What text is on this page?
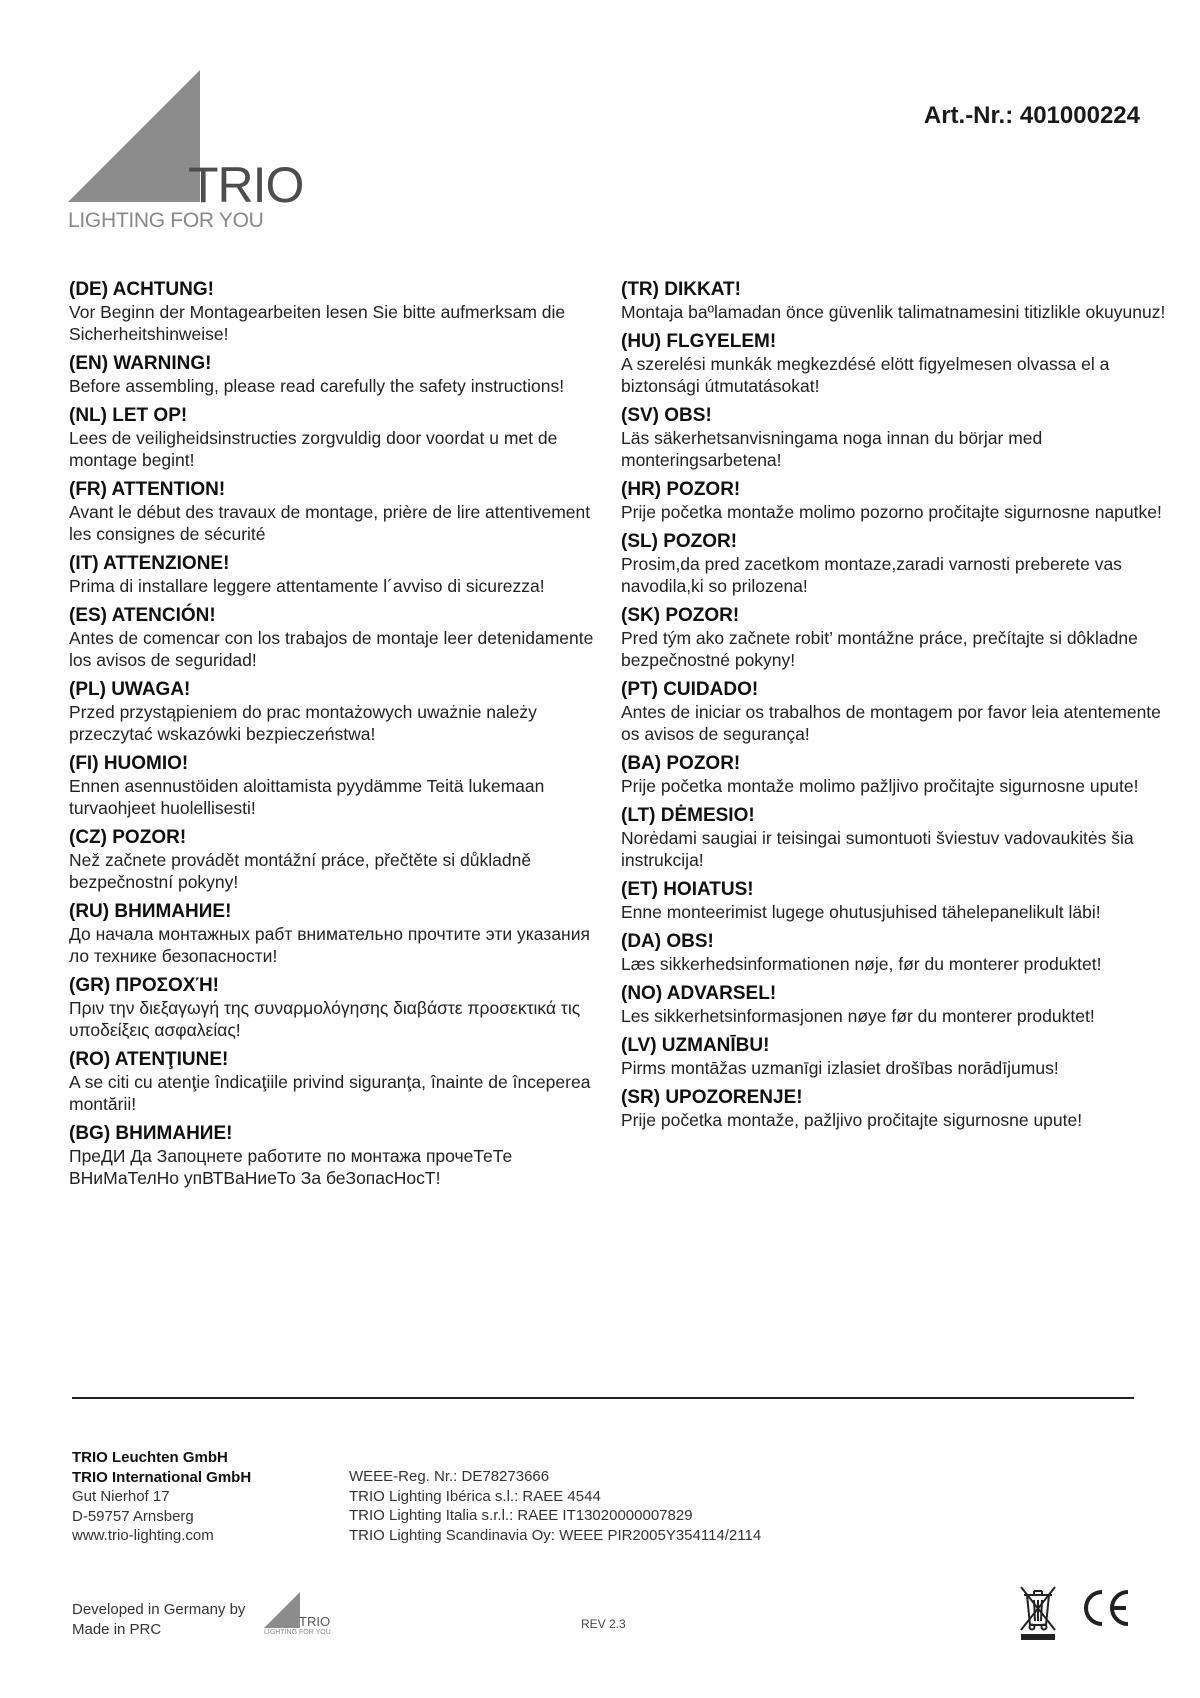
TRIO
LIGHTING FOR YOU
Art.-Nr.: 401000224
(DE) ACHTUNG!
Vor Beginn der Montagearbeiten lesen Sie bitte aufmerksam die Sicherheitshinweise!
(EN) WARNING!
Before assembling, please read carefully the safety instructions!
(NL) LET OP!
Lees de veiligheidsinstructies zorgvuldig door voordat u met de montage begint!
(FR) ATTENTION!
Avant le début des travaux de montage, prière de lire attentivement les consignes de sécurité
(IT) ATTENZIONE!
Prima di installare leggere attentamente l´avviso di sicurezza!
(ES) ATENCIÓN!
Antes de comencar con los trabajos de montaje leer detenidamente los avisos de seguridad!
(PL) UWAGA!
Przed przystąpieniem do prac montażowych uważnie należy przeczytać wskazówki bezpieczeństwa!
(FI) HUOMIO!
Ennen asennustöiden aloittamista pyydämme Teitä lukemaan turvaohjeet huolellisesti!
(CZ) POZOR!
Než začnete provádět montážní práce, přečtěte si důkladně bezpečnostní pokyny!
(RU) ВНИМАНИЕ!
До начала монтажных рабт внимательно прочтите эти указания ло технике безопасности!
(GR) ΠΡΟΣΟΧΉ!
Πριν την διεξαγωγή της συναρμολόγησης διαβάστε προσεκτικά τις υποδείξεις ασφαλείας!
(RO) ATENŢIUNE!
A se citi cu atenţie îndicaţiile privind siguranţa, înainte de începerea montării!
(BG) ВНИМАНИЕ!
ПреДИ Да Запоцнете работите по монтажа прочеТеТе ВНиМаТелНо упВТВаНиеТо За беЗопасНосТ!
(TR) DIKKAT!
Montaja baºlamadan önce güvenlik talimatnamesini titizlikle okuyunuz!
(HU) FLGYELEM!
A szerelési munkák megkezdésé elött figyelmesen olvassa el a biztonsági útmutatásokat!
(SV) OBS!
Läs säkerhetsanvisningama noga innan du börjar med monteringsarbetena!
(HR) POZOR!
Prije početka montaže molimo pozorno pročitajte sigurnosne naputke!
(SL) POZOR!
Prosim,da pred zacetkom montaze,zaradi varnosti preberete vas navodila,ki so prilozena!
(SK) POZOR!
Pred tým ako začnete robit’ montážne práce, prečítajte si dôkladne bezpečnostné pokyny!
(PT) CUIDADO!
Antes de iniciar os trabalhos de montagem por favor leia atentemente os avisos de segurança!
(BA) POZOR!
Prije početka montaže molimo pažljivo pročitajte sigurnosne upute!
(LT) DĖMESIO!
Norėdami saugiai ir teisingai sumontuoti šviestuv vadovaukitės šia instrukcija!
(ET) HOIATUS!
Enne monteerimist lugege ohutusjuhised tähelepanelikult läbi!
(DA) OBS!
Læs sikkerhedsinformationen nøje, før du monterer produktet!
(NO) ADVARSEL!
Les sikkerhetsinformasjonen nøye før du monterer produktet!
(LV) UZMANĪBU!
Pirms montāžas uzmanīgi izlasiet drošības norādījumus!
(SR) UPOZORENJE!
Prije početka montaže, pažljivo pročitajte sigurnosne upute!
TRIO Leuchten GmbH
TRIO International GmbH
Gut Nierhof 17
D-59757 Arnsberg
www.trio-lighting.com
WEEE-Reg. Nr.: DE78273666
TRIO Lighting Ibérica s.l.: RAEE 4544
TRIO Lighting Italia s.r.l.: RAEE IT13020000007829
TRIO Lighting Scandinavia Oy: WEEE PIR2005Y354114/2114
Developed in Germany by
Made in PRC	TRIO
LIGHTING FOR YOU
REV 2.3
